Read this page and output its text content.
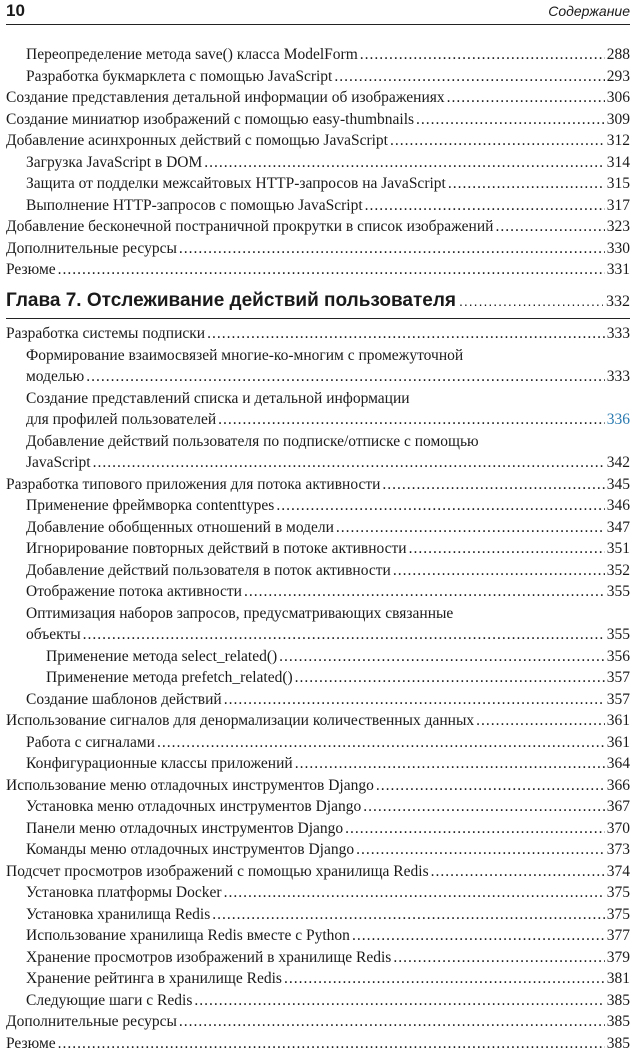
10	Содержание
Переопределение метода save() класса ModelForm .....	288
Разработка букмарклета с помощью JavaScript .....	293
Создание представления детальной информации об изображениях .....	306
Создание миниатюр изображений с помощью easy-thumbnails .....	309
Добавление асинхронных действий с помощью JavaScript .....	312
Загрузка JavaScript в DOM .....	314
Защита от подделки межсайтовых HTTP-запросов на JavaScript .....	315
Выполнение HTTP-запросов с помощью JavaScript .....	317
Добавление бесконечной постраничной прокрутки в список изображений .....	323
Дополнительные ресурсы .....	330
Резюме .....	331
Глава 7. Отслеживание действий пользователя .....	332
Разработка системы подписки .....	333
Формирование взаимосвязей многие-ко-многим с промежуточной
моделью .....	333
Создание представлений списка и детальной информации
для профилей пользователей .....	336
Добавление действий пользователя по подписке/отписке с помощью
JavaScript .....	342
Разработка типового приложения для потока активности .....	345
Применение фреймворка contenttypes .....	346
Добавление обобщенных отношений в модели .....	347
Игнорирование повторных действий в потоке активности .....	351
Добавление действий пользователя в поток активности .....	352
Отображение потока активности .....	355
Оптимизация наборов запросов, предусматривающих связанные
объекты .....	355
Применение метода select_related() .....	356
Применение метода prefetch_related() .....	357
Создание шаблонов действий .....	357
Использование сигналов для денормализации количественных данных .....	361
Работа с сигналами .....	361
Конфигурационные классы приложений .....	364
Использование меню отладочных инструментов Django .....	366
Установка меню отладочных инструментов Django .....	367
Панели меню отладочных инструментов Django .....	370
Команды меню отладочных инструментов Django .....	373
Подсчет просмотров изображений с помощью хранилища Redis .....	374
Установка платформы Docker .....	375
Установка хранилища Redis .....	375
Использование хранилища Redis вместе с Python .....	377
Хранение просмотров изображений в хранилище Redis .....	379
Хранение рейтинга в хранилище Redis .....	381
Следующие шаги с Redis .....	385
Дополнительные ресурсы .....	385
Резюме .....	385
